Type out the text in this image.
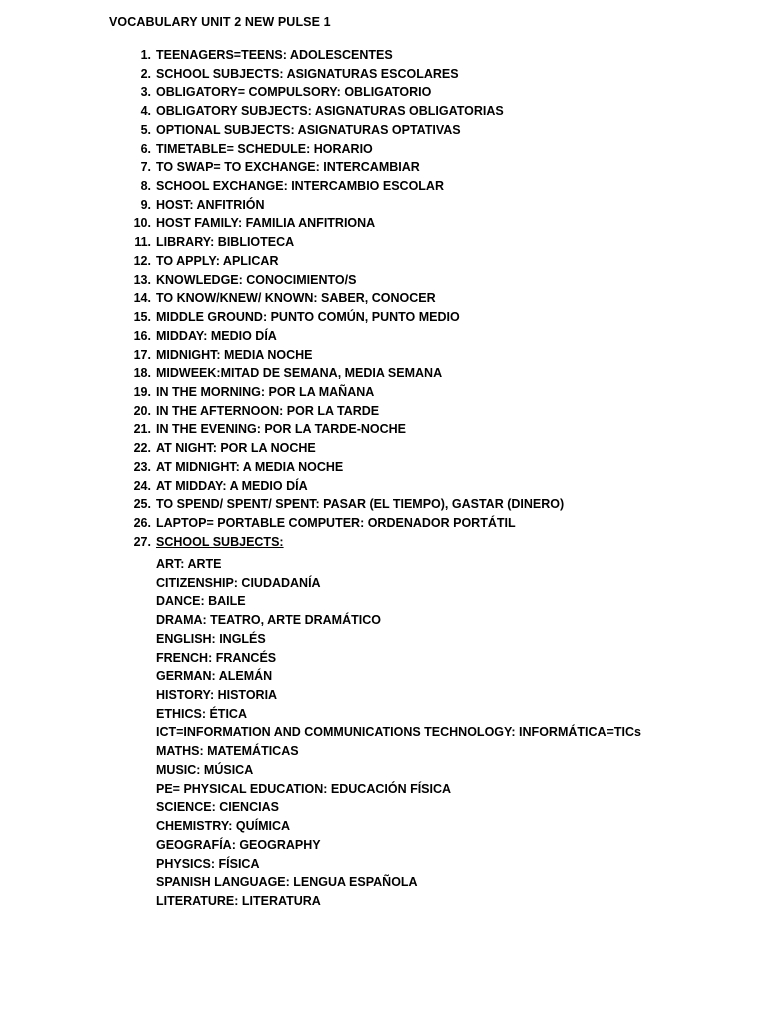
VOCABULARY UNIT 2 NEW PULSE 1
1. TEENAGERS=TEENS: ADOLESCENTES
2. SCHOOL SUBJECTS: ASIGNATURAS ESCOLARES
3. OBLIGATORY= COMPULSORY: OBLIGATORIO
4. OBLIGATORY SUBJECTS: ASIGNATURAS OBLIGATORIAS
5. OPTIONAL SUBJECTS: ASIGNATURAS OPTATIVAS
6. TIMETABLE= SCHEDULE: HORARIO
7. TO SWAP= TO EXCHANGE: INTERCAMBIAR
8. SCHOOL EXCHANGE: INTERCAMBIO ESCOLAR
9. HOST: ANFITRIÓN
10. HOST FAMILY: FAMILIA ANFITRIONA
11. LIBRARY: BIBLIOTECA
12. TO APPLY: APLICAR
13. KNOWLEDGE: CONOCIMIENTO/S
14. TO KNOW/KNEW/ KNOWN: SABER, CONOCER
15. MIDDLE GROUND: PUNTO COMÚN, PUNTO MEDIO
16. MIDDAY: MEDIO DÍA
17. MIDNIGHT: MEDIA NOCHE
18. MIDWEEK:MITAD DE SEMANA, MEDIA SEMANA
19. IN THE MORNING: POR LA MAÑANA
20. IN THE AFTERNOON: POR LA TARDE
21. IN THE EVENING: POR LA TARDE-NOCHE
22. AT NIGHT: POR LA NOCHE
23. AT MIDNIGHT: A MEDIA NOCHE
24. AT MIDDAY: A MEDIO DÍA
25. TO SPEND/ SPENT/ SPENT: PASAR (EL TIEMPO), GASTAR (DINERO)
26. LAPTOP= PORTABLE COMPUTER: ORDENADOR PORTÁTIL
27. SCHOOL SUBJECTS:
ART: ARTE
CITIZENSHIP: CIUDADANÍA
DANCE: BAILE
DRAMA: TEATRO, ARTE DRAMÁTICO
ENGLISH: INGLÉS
FRENCH: FRANCÉS
GERMAN: ALEMÁN
HISTORY: HISTORIA
ETHICS: ÉTICA
ICT=INFORMATION AND COMMUNICATIONS TECHNOLOGY: INFORMÁTICA=TICs
MATHS: MATEMÁTICAS
MUSIC: MÚSICA
PE= PHYSICAL EDUCATION: EDUCACIÓN FÍSICA
SCIENCE: CIENCIAS
CHEMISTRY: QUÍMICA
GEOGRAFÍA: GEOGRAPHY
PHYSICS: FÍSICA
SPANISH LANGUAGE: LENGUA ESPAÑOLA
LITERATURE: LITERATURA
